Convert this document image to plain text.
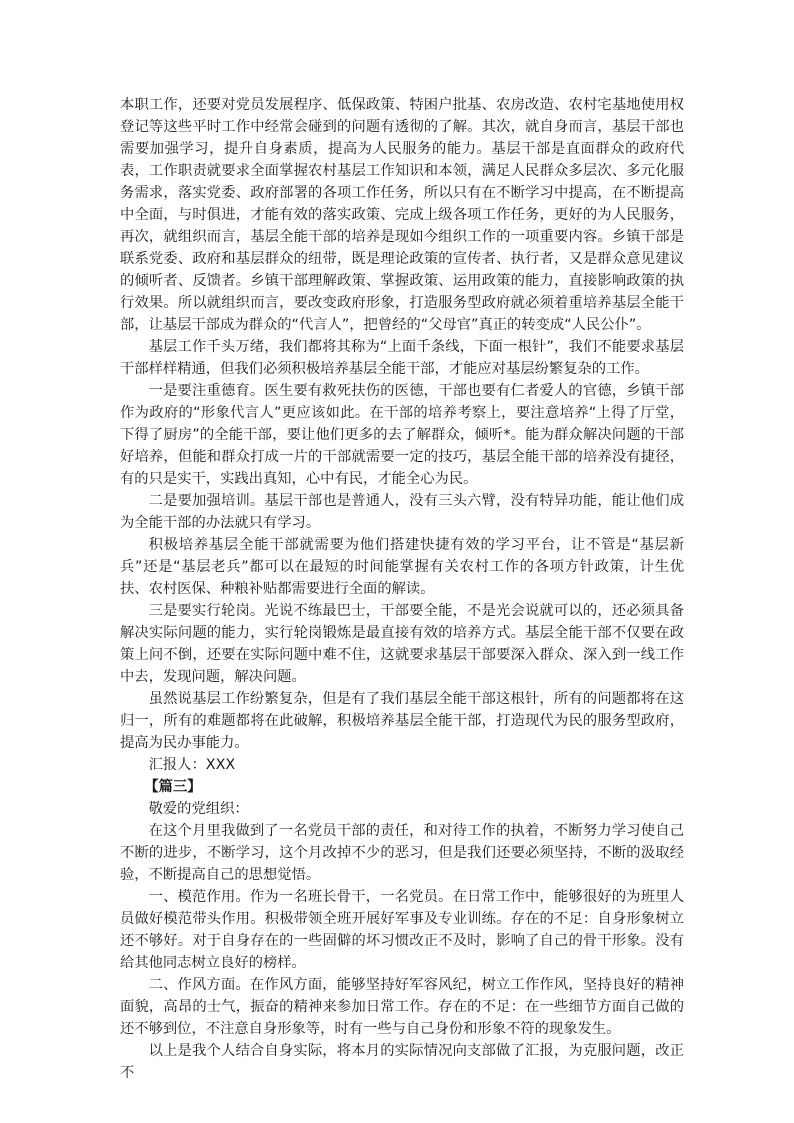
本职工作，还要对党员发展程序、低保政策、特困户批基、农房改造、农村宅基地使用权登记等这些平时工作中经常会碰到的问题有透彻的了解。其次，就自身而言，基层干部也需要加强学习，提升自身素质，提高为人民服务的能力。基层干部是直面群众的政府代表，工作职责就要求全面掌握农村基层工作知识和本领，满足人民群众多层次、多元化服务需求，落实党委、政府部署的各项工作任务，所以只有在不断学习中提高，在不断提高中全面，与时俱进，才能有效的落实政策、完成上级各项工作任务，更好的为人民服务，再次，就组织而言，基层全能干部的培养是现如今组织工作的一项重要内容。乡镇干部是联系党委、政府和基层群众的纽带，既是理论政策的宣传者、执行者，又是群众意见建议的倾听者、反馈者。乡镇干部理解政策、掌握政策、运用政策的能力，直接影响政策的执行效果。所以就组织而言，要改变政府形象，打造服务型政府就必须着重培养基层全能干部，让基层干部成为群众的“代言人”，把曾经的“父母官”真正的转变成“人民公仆”。

基层工作千头万绪，我们都将其称为“上面千条线，下面一根针”，我们不能要求基层干部样样精通，但我们必须积极培养基层全能干部，才能应对基层纷繁复杂的工作。

一是要注重德育。医生要有救死扶伤的医德，干部也要有仁者爱人的官德，乡镇干部作为政府的“形象代言人”更应该如此。在干部的培养考察上，要注意培养“上得了厅堂，下得了厨房”的全能干部，要让他们更多的去了解群众，倾听*。能为群众解决问题的干部好培养，但能和群众打成一片的干部就需要一定的技巧，基层全能干部的培养没有捷径，有的只是实干，实践出真知，心中有民，才能全心为民。

二是要加强培训。基层干部也是普通人，没有三头六臂，没有特异功能，能让他们成为全能干部的办法就只有学习。

积极培养基层全能干部就需要为他们搭建快捷有效的学习平台，让不管是“基层新兵”还是“基层老兵”都可以在最短的时间能掌握有关农村工作的各项方针政策，计生优扶、农村医保、种粮补贴都需要进行全面的解读。

三是要实行轮岗。光说不练最巴士，干部要全能，不是光会说就可以的，还必须具备解决实际问题的能力，实行轮岗锻炼是最直接有效的培养方式。基层全能干部不仅要在政策上问不倒，还要在实际问题中难不住，这就要求基层干部要深入群众、深入到一线工作中去，发现问题，解决问题。

虽然说基层工作纷繁复杂，但是有了我们基层全能干部这根针，所有的问题都将在这归一，所有的难题都将在此破解，积极培养基层全能干部，打造现代为民的服务型政府，提高为民办事能力。

汇报人：XXX

【篇三】

敬爱的党组织：

在这个月里我做到了一名党员干部的责任，和对待工作的执着，不断努力学习使自己不断的进步，不断学习，这个月改掉不少的恶习，但是我们还要必须坚持，不断的汲取经验，不断提高自己的思想觉悟。

一、模范作用。作为一名班长骨干，一名党员。在日常工作中，能够很好的为班里人员做好模范带头作用。积极带领全班开展好军事及专业训练。存在的不足：自身形象树立还不够好。对于自身存在的一些固僻的坏习惯改正不及时，影响了自己的骨干形象。没有给其他同志树立良好的榜样。

二、作风方面。在作风方面，能够坚持好军容风纪，树立工作作风，坚持良好的精神面貌，高昂的士气，振奋的精神来参加日常工作。存在的不足：在一些细节方面自己做的还不够到位，不注意自身形象等，时有一些与自己身份和形象不符的现象发生。

以上是我个人结合自身实际，将本月的实际情况向支部做了汇报，为克服问题，改正不
